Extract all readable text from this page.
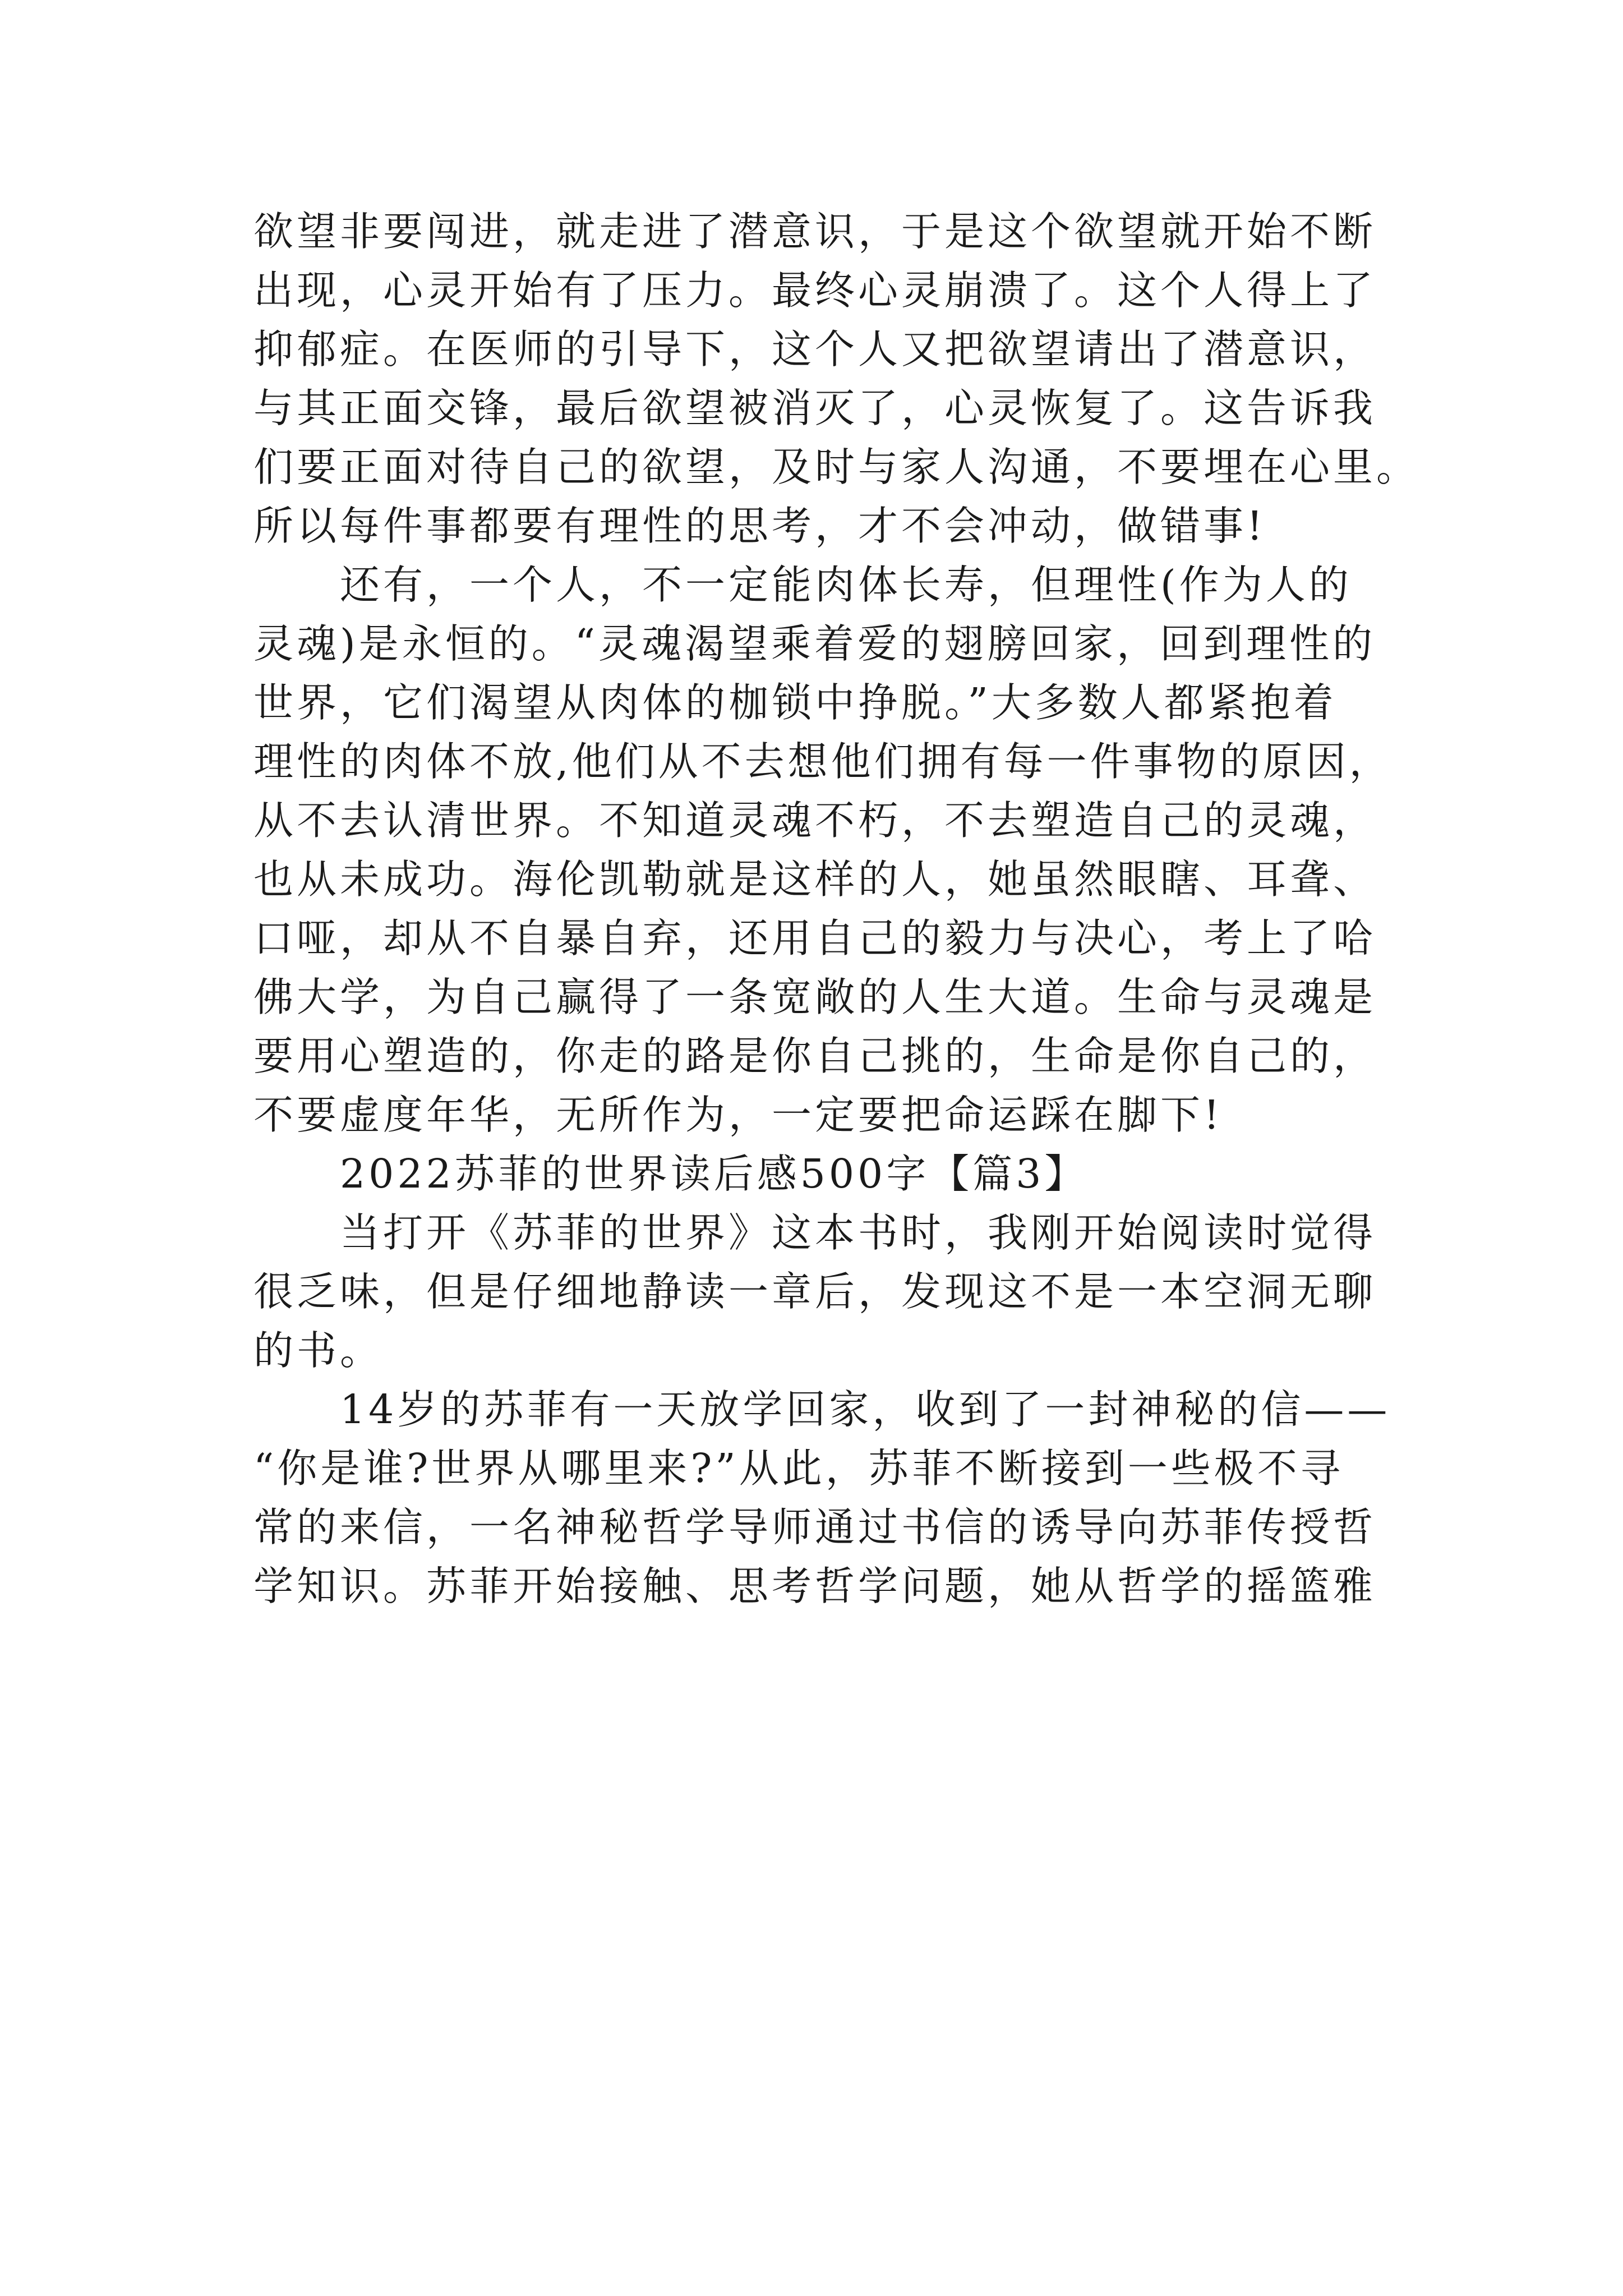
欲望非要闯进，就走进了潜意识，于是这个欲望就开始不断
出现，心灵开始有了压力。最终心灵崩溃了。这个人得上了
抑郁症。在医师的引导下，这个人又把欲望请出了潜意识，
与其正面交锋，最后欲望被消灭了，心灵恢复了。这告诉我
们要正面对待自己的欲望，及时与家人沟通，不要埋在心里。
所以每件事都要有理性的思考，才不会冲动，做错事!
　　还有，一个人，不一定能肉体长寿，但理性(作为人的
灵魂)是永恒的。“灵魂渴望乘着爱的翅膀回家，回到理性的
世界，它们渴望从肉体的枷锁中挣脱。”大多数人都紧抱着
理性的肉体不放,他们从不去想他们拥有每一件事物的原因，
从不去认清世界。不知道灵魂不朽，不去塑造自己的灵魂，
也从未成功。海伦凯勒就是这样的人，她虽然眼瞎、耳聋、
口哑，却从不自暴自弃，还用自己的毅力与决心，考上了哈
佛大学，为自己赢得了一条宽敞的人生大道。生命与灵魂是
要用心塑造的，你走的路是你自己挑的，生命是你自己的，
不要虚度年华，无所作为，一定要把命运踩在脚下!
　　2022苏菲的世界读后感500字【篇3】
　　当打开《苏菲的世界》这本书时，我刚开始阅读时觉得
很乏味，但是仔细地静读一章后，发现这不是一本空洞无聊
的书。
　　14岁的苏菲有一天放学回家，收到了一封神秘的信——
“你是谁?世界从哪里来?”从此，苏菲不断接到一些极不寻
常的来信，一名神秘哲学导师通过书信的诱导向苏菲传授哲
学知识。苏菲开始接触、思考哲学问题，她从哲学的摇篮雅
